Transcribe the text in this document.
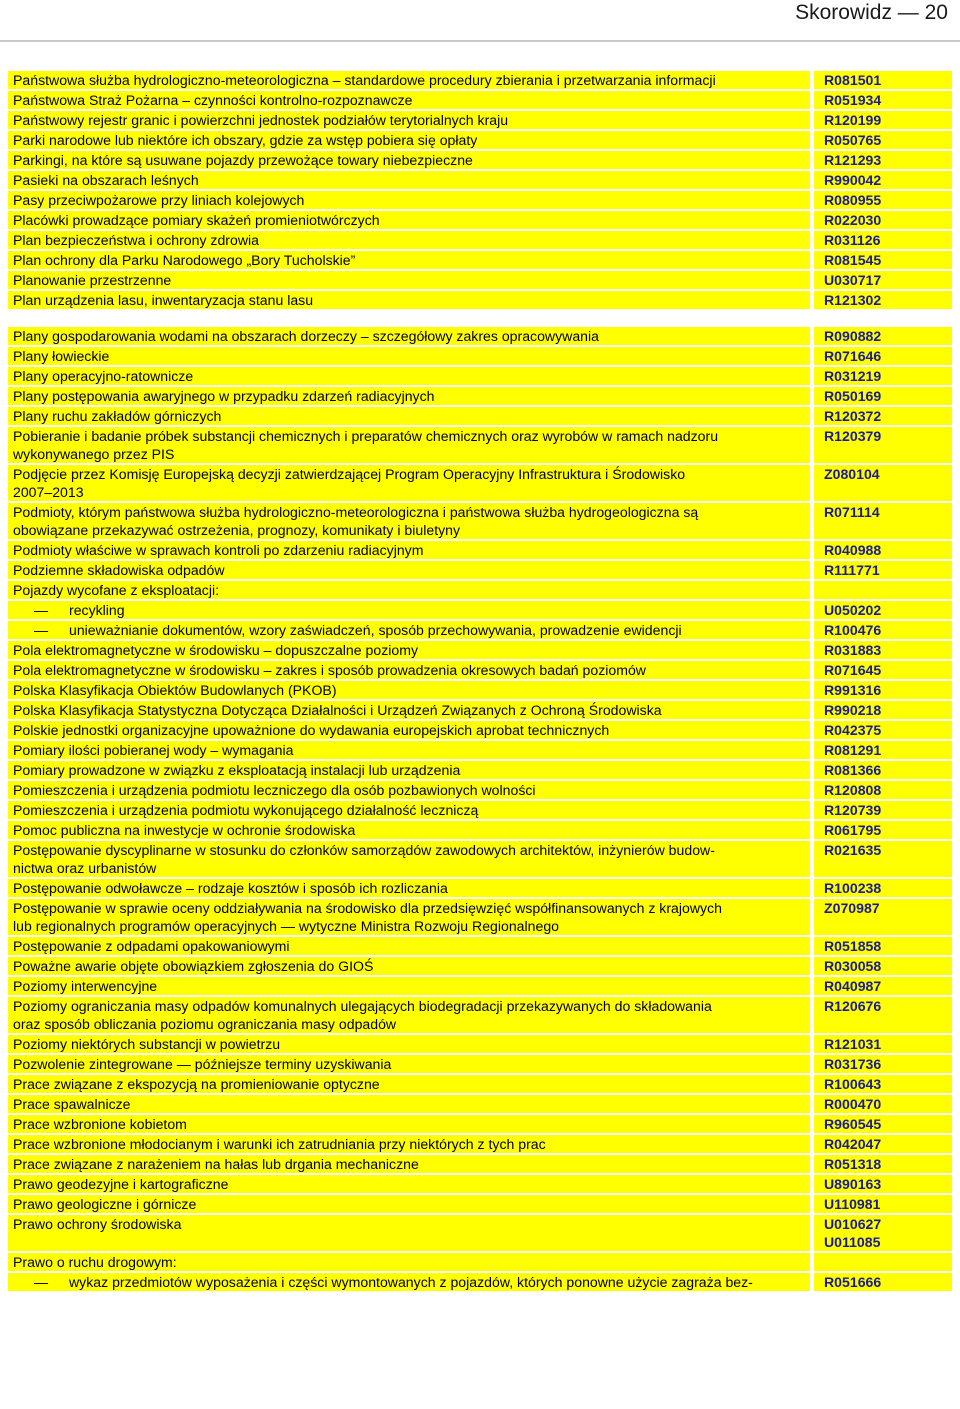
Skorowidz — 20
Państwowa służba hydrologiczno-meteorologiczna – standardowe procedury zbierania i przetwarzania informacji	R081501

Państwowa Straż Pożarna – czynności kontrolno-rozpoznawcze	R051934

Państwowy rejestr granic i powierzchni jednostek podziałów terytorialnych kraju	R120199

Parki narodowe lub niektóre ich obszary, gdzie za wstęp pobiera się opłaty	R050765

Parkingi, na które są usuwane pojazdy przewożące towary niebezpieczne	R121293

Pasieki na obszarach leśnych	R990042

Pasy przeciwpożarowe przy liniach kolejowych	R080955

Placówki prowadzące pomiary skażeń promieniotwórczych	R022030

Plan bezpieczeństwa i ochrony zdrowia	R031126

Plan ochrony dla Parku Narodowego „Bory Tucholskie”	R081545

Planowanie przestrzenne	U030717

Plan urządzenia lasu, inwentaryzacja stanu lasu	R121302

Plany gospodarowania wodami na obszarach dorzeczy – szczegółowy zakres opracowywania	R090882

Plany łowieckie	R071646

Plany operacyjno-ratownicze	R031219

Plany postępowania awaryjnego w przypadku zdarzeń radiacyjnych	R050169

Plany ruchu zakładów górniczych	R120372

Pobieranie i badanie próbek substancji chemicznych i preparatów chemicznych oraz wyrobów w ramach nadzoru
wykonywanego przez PIS	R120379

Podjęcie przez Komisję Europejską decyzji zatwierdzającej Program Operacyjny Infrastruktura i Środowisko
2007–2013	Z080104

Podmioty, którym państwowa służba hydrologiczno-meteorologiczna i państwowa służba hydrogeologiczna są
obowiązane przekazywać ostrzeżenia, prognozy, komunikaty i biuletyny	R071114

Podmioty właściwe w sprawach kontroli po zdarzeniu radiacyjnym	R040988

Podziemne składowiska odpadów	R111771

Pojazdy wycofane z eksploatacji:	

— recykling	U050202

— unieważnianie dokumentów, wzory zaświadczeń, sposób przechowywania, prowadzenie ewidencji	R100476

Pola elektromagnetyczne w środowisku – dopuszczalne poziomy	R031883

Pola elektromagnetyczne w środowisku – zakres i sposób prowadzenia okresowych badań poziomów	R071645

Polska Klasyfikacja Obiektów Budowlanych (PKOB)	R991316

Polska Klasyfikacja Statystyczna Dotycząca Działalności i Urządzeń Związanych z Ochroną Środowiska	R990218

Polskie jednostki organizacyjne upoważnione do wydawania europejskich aprobat technicznych	R042375

Pomiary ilości pobieranej wody – wymagania	R081291

Pomiary prowadzone w związku z eksploatacją instalacji lub urządzenia	R081366

Pomieszczenia i urządzenia podmiotu leczniczego dla osób pozbawionych wolności	R120808

Pomieszczenia i urządzenia podmiotu wykonującego działalność leczniczą	R120739

Pomoc publiczna na inwestycje w ochronie środowiska	R061795

Postępowanie dyscyplinarne w stosunku do członków samorządów zawodowych architektów, inżynierów budow-
nictwa oraz urbanistów	R021635

Postępowanie odwoławcze – rodzaje kosztów i sposób ich rozliczania	R100238

Postępowanie w sprawie oceny oddziaływania na środowisko dla przedsięwzięć współfinansowanych z krajowych
lub regionalnych programów operacyjnych — wytyczne Ministra Rozwoju Regionalnego	Z070987

Postępowanie z odpadami opakowaniowymi	R051858

Poważne awarie objęte obowiązkiem zgłoszenia do GIOŚ	R030058

Poziomy interwencyjne	R040987

Poziomy ograniczania masy odpadów komunalnych ulegających biodegradacji przekazywanych do składowania
oraz sposób obliczania poziomu ograniczania masy odpadów	R120676

Poziomy niektórych substancji w powietrzu	R121031

Pozwolenie zintegrowane — późniejsze terminy uzyskiwania	R031736

Prace związane z ekspozycją na promieniowanie optyczne	R100643

Prace spawalnicze	R000470

Prace wzbronione kobietom	R960545

Prace wzbronione młodocianym i warunki ich zatrudniania przy niektórych z tych prac	R042047

Prace związane z narażeniem na hałas lub drgania mechaniczne	R051318

Prawo geodezyjne i kartograficzne	U890163

Prawo geologiczne i górnicze	U110981

Prawo ochrony środowiska	U010627
U011085

Prawo o ruchu drogowym:	

— wykaz przedmiotów wyposażenia i części wymontowanych z pojazdów, których ponowne użycie zagraża bez-	R051666
